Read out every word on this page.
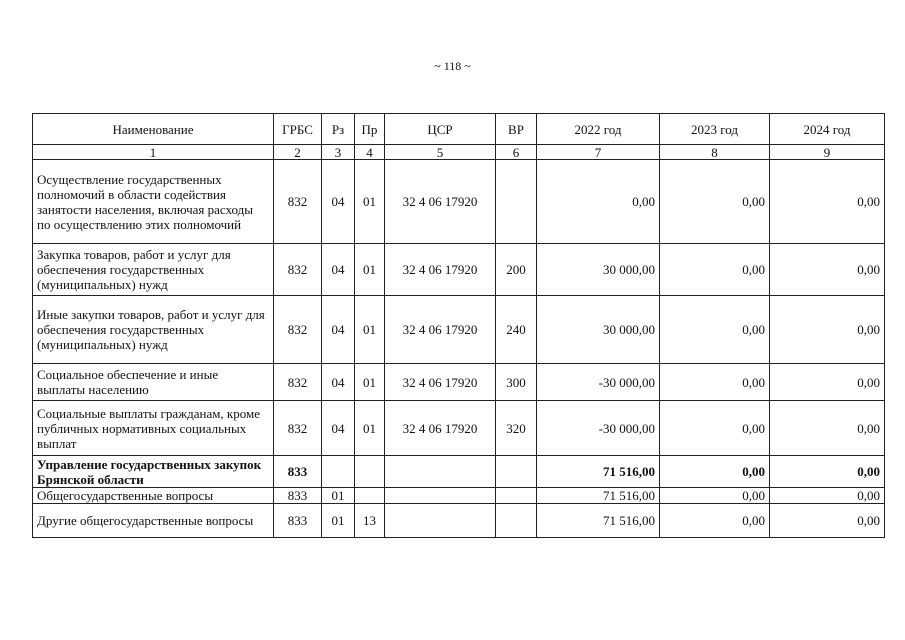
~ 118 ~
Наименование	ГРБС	Рз	Пр	ЦСР	ВР	2022 год	2023 год	2024 год
1	2	3	4	5	6	7	8	9
Осуществление государственных полномочий в области содействия занятости населения, включая расходы по осуществлению этих полномочий	832	04	01	32 4 06 17920		0,00	0,00	0,00
Закупка товаров, работ и услуг для обеспечения государственных (муниципальных) нужд	832	04	01	32 4 06 17920	200	30 000,00	0,00	0,00
Иные закупки товаров, работ и услуг для обеспечения государственных (муниципальных) нужд	832	04	01	32 4 06 17920	240	30 000,00	0,00	0,00
Социальное обеспечение и иные выплаты населению	832	04	01	32 4 06 17920	300	-30 000,00	0,00	0,00
Социальные выплаты гражданам, кроме публичных нормативных социальных выплат	832	04	01	32 4 06 17920	320	-30 000,00	0,00	0,00
Управление государственных закупок Брянской области	833					71 516,00	0,00	0,00
Общегосударственные вопросы	833	01				71 516,00	0,00	0,00
Другие общегосударственные вопросы	833	01	13			71 516,00	0,00	0,00
